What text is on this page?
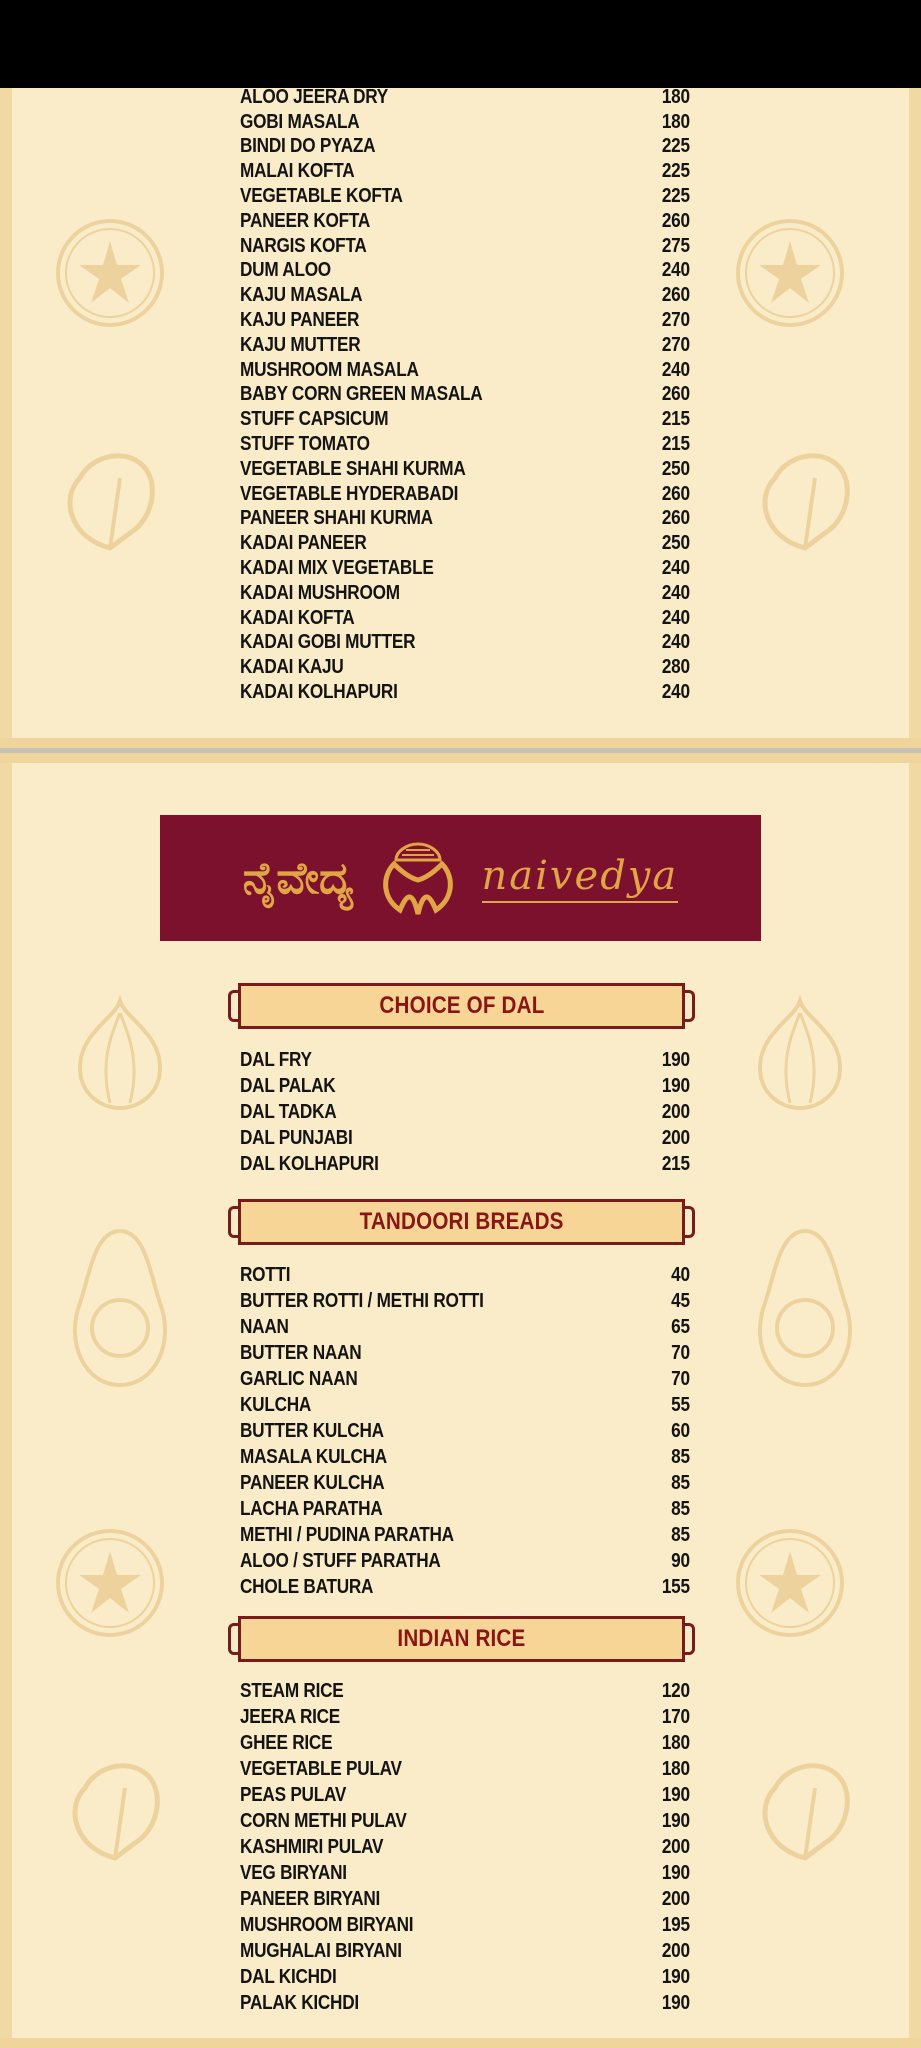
ALOO JEERA DRY	180
GOBI MASALA	180
BINDI DO PYAZA	225
MALAI KOFTA	225
VEGETABLE KOFTA	225
PANEER KOFTA	260
NARGIS KOFTA	275
DUM ALOO	240
KAJU MASALA	260
KAJU PANEER	270
KAJU MUTTER	270
MUSHROOM MASALA	240
BABY CORN GREEN MASALA	260
STUFF CAPSICUM	215
STUFF TOMATO	215
VEGETABLE SHAHI KURMA	250
VEGETABLE HYDERABADI	260
PANEER SHAHI KURMA	260
KADAI PANEER	250
KADAI MIX VEGETABLE	240
KADAI MUSHROOM	240
KADAI KOFTA	240
KADAI GOBI MUTTER	240
KADAI KAJU	280
KADAI KOLHAPURI	240
ನೈವೇದ್ಯ	naivedya
CHOICE OF DAL
DAL FRY	190
DAL PALAK	190
DAL TADKA	200
DAL PUNJABI	200
DAL KOLHAPURI	215
TANDOORI BREADS
ROTTI	40
BUTTER ROTTI / METHI ROTTI	45
NAAN	65
BUTTER NAAN	70
GARLIC NAAN	70
KULCHA	55
BUTTER KULCHA	60
MASALA KULCHA	85
PANEER KULCHA	85
LACHA PARATHA	85
METHI / PUDINA PARATHA	85
ALOO / STUFF PARATHA	90
CHOLE BATURA	155
INDIAN RICE
STEAM RICE	120
JEERA RICE	170
GHEE RICE	180
VEGETABLE PULAV	180
PEAS PULAV	190
CORN METHI PULAV	190
KASHMIRI PULAV	200
VEG BIRYANI	190
PANEER BIRYANI	200
MUSHROOM BIRYANI	195
MUGHALAI BIRYANI	200
DAL KICHDI	190
PALAK KICHDI	190
